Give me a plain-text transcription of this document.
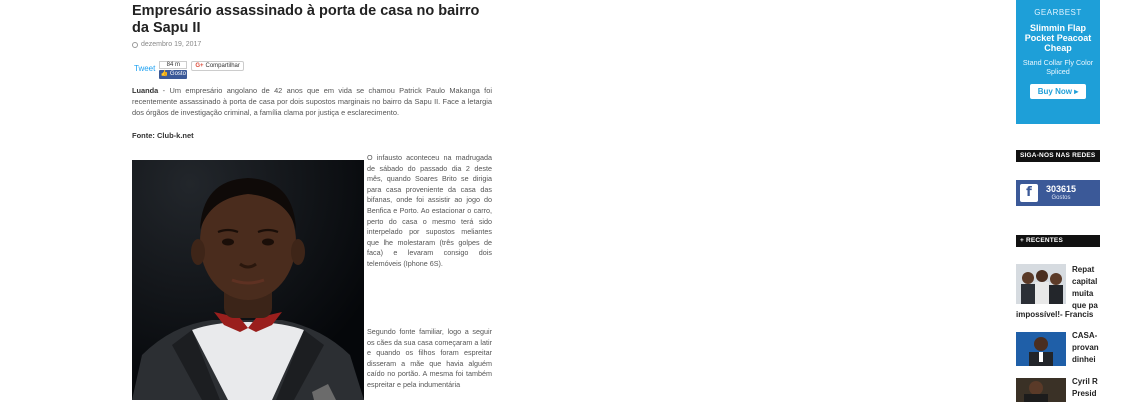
Empresário assassinado à porta de casa no bairro da Sapu II
dezembro 19, 2017
Tweet	84 m
👍 Gosto
G+ Compartilhar

Luanda - Um empresário angolano de 42 anos que em vida se chamou Patrick Paulo Makanga foi recentemente assassinado à porta de casa por dois supostos marginais no bairro da Sapu II. Face a letargia dos órgãos de investigação criminal, a família clama por justiça e esclarecimento.

Fonte: Club-k.net

O infausto aconteceu na madrugada de sábado do passado dia 2 deste mês, quando Soares Brito se dirigia para casa proveniente da casa das bifanas, onde foi assistir ao jogo do Benfica e Porto. Ao estacionar o carro, perto do casa o mesmo terá sido interpelado por supostos meliantes que lhe molestaram (três golpes de faca) e levaram consigo dois telemóveis (Iphone 6S).

Segundo fonte familiar, logo a seguir os cães da sua casa começaram a latir e quando os filhos foram espreitar disseram a mãe que havia alguém caído no portão. A mesma foi também espreitar e pela indumentária

GEARBEST
Slimmin Flap Pocket Peacoat Cheap
Stand Collar Fly Color Spliced
Buy Now ▸
SIGA-NOS NAS REDES
f	303615
Gostos
+ RECENTES
Repat
capital
muita
que pa
impossível!- Francis
CASA-
provan
dinhei
Cyril R
Presid
